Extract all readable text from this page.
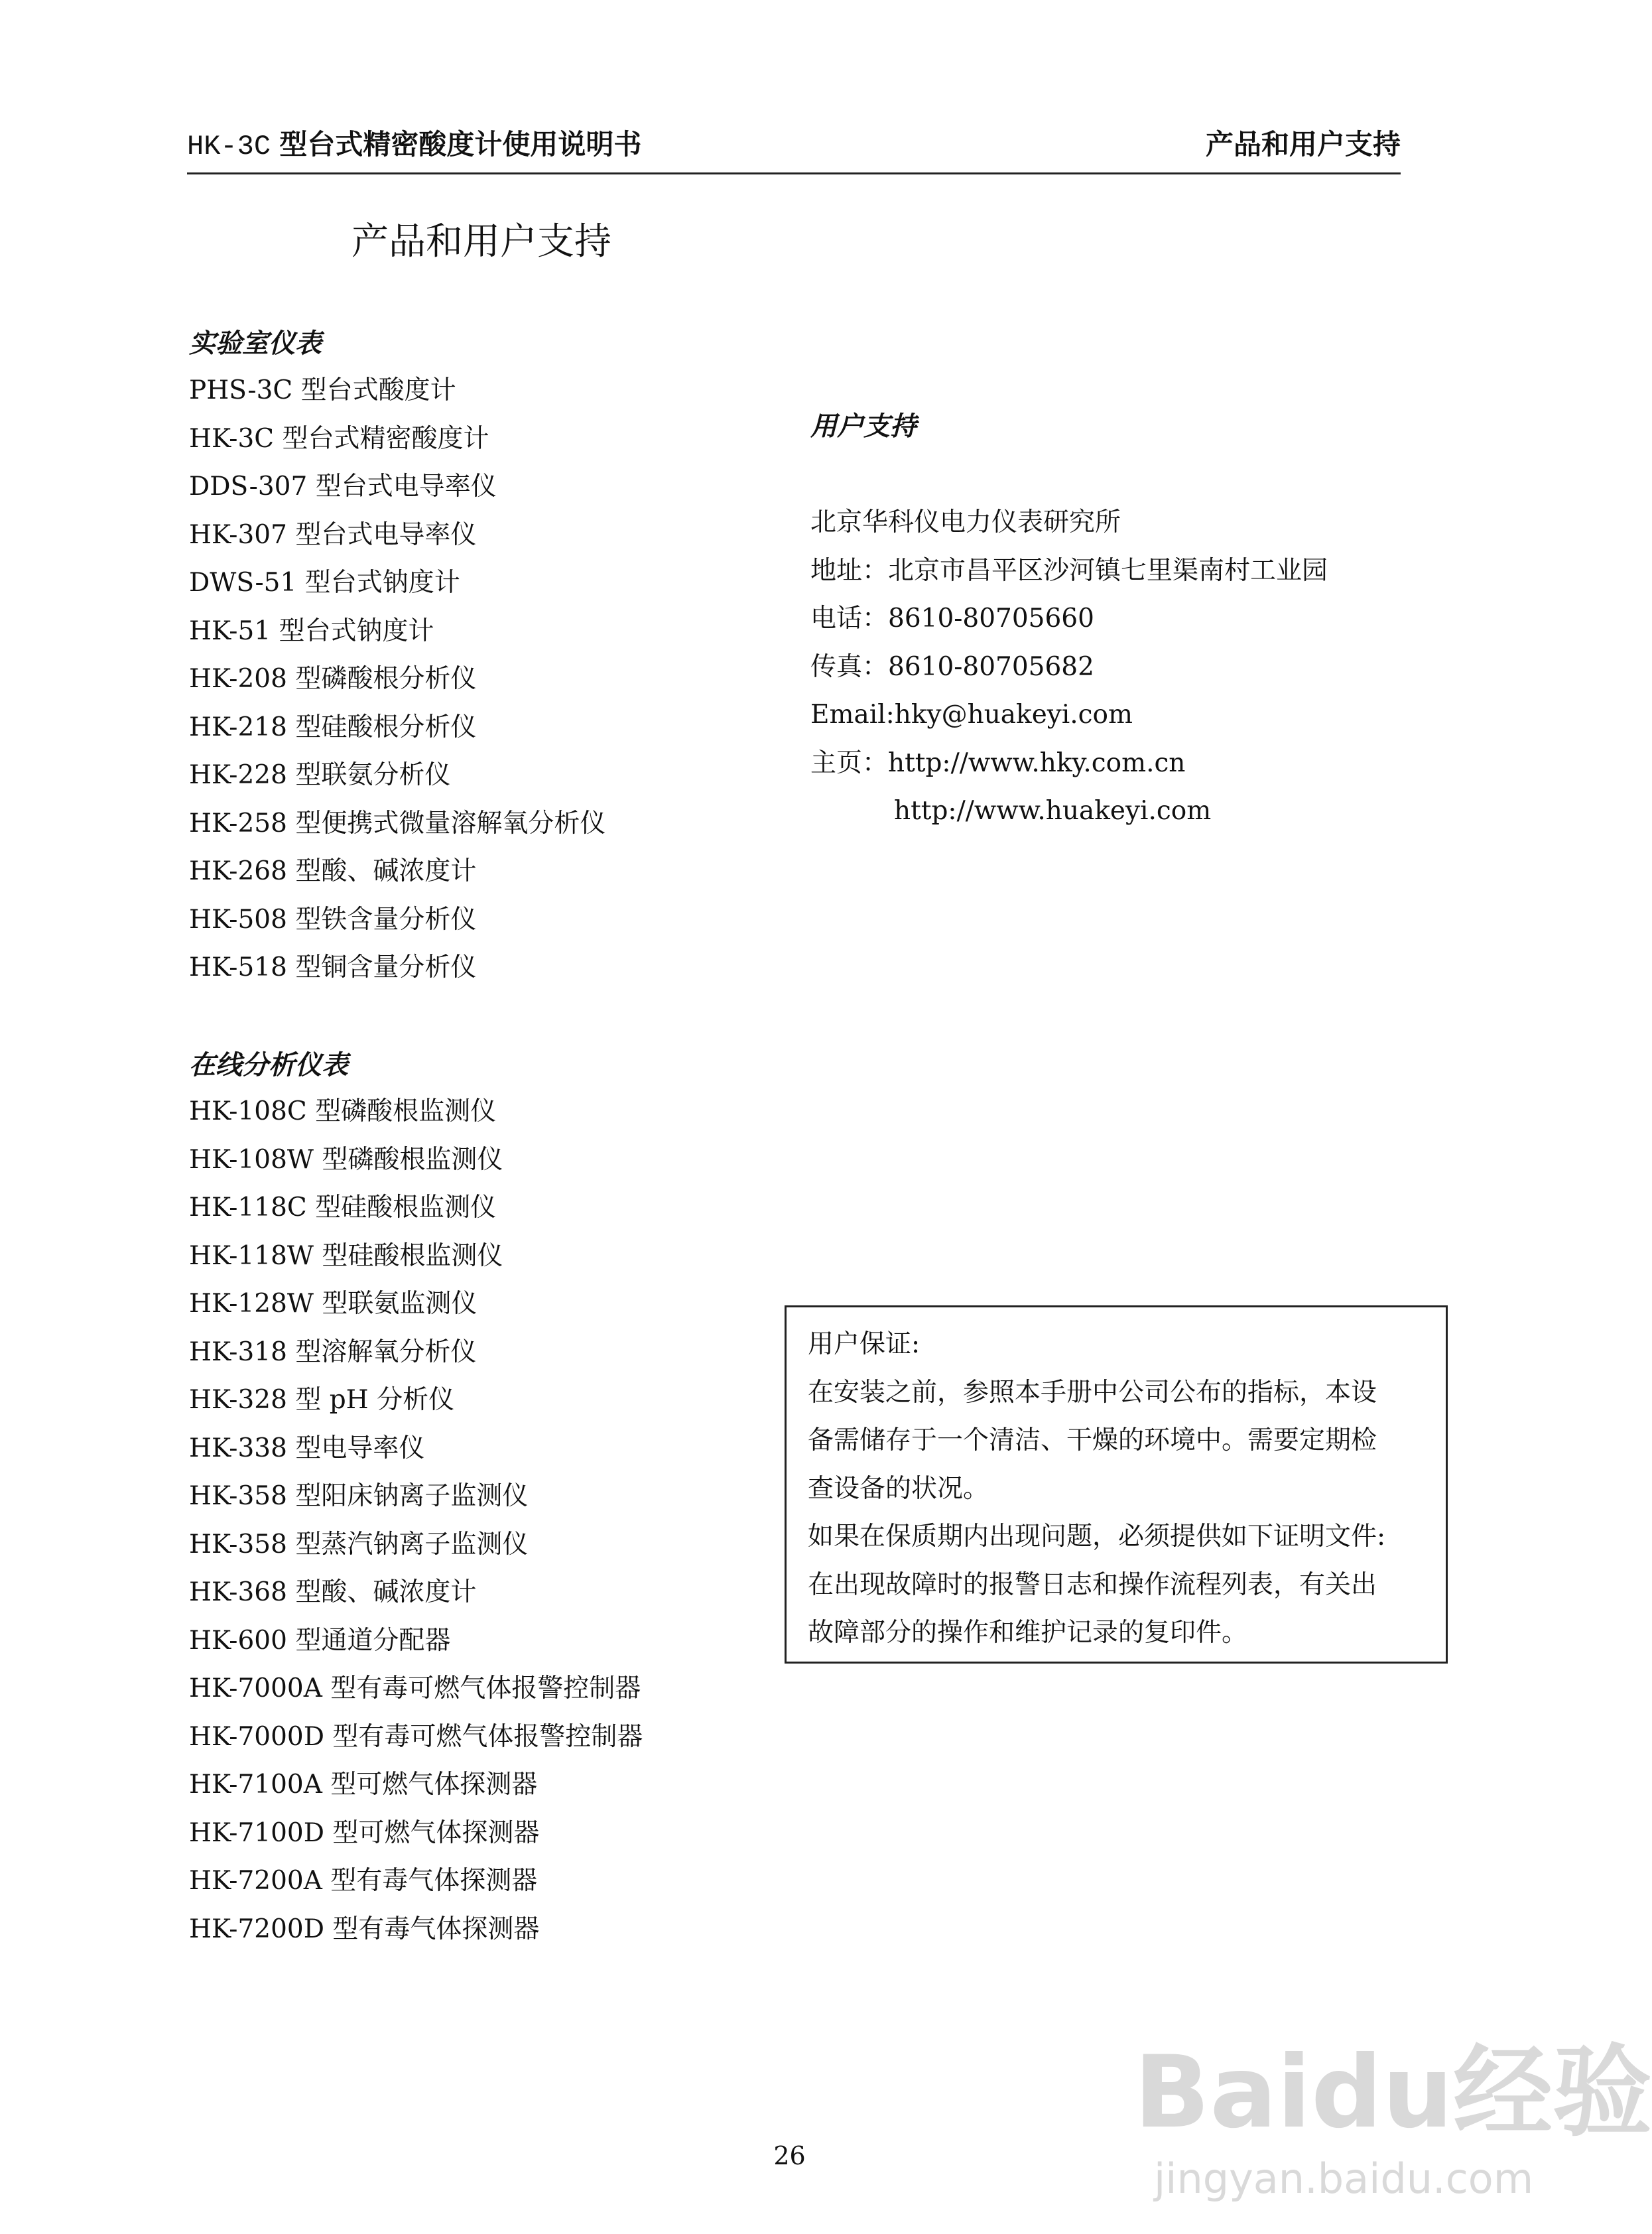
HK-3C 型台式精密酸度计使用说明书	产品和用户支持
产品和用户支持
实验室仪表
PHS-3C 型台式酸度计
HK-3C 型台式精密酸度计
DDS-307 型台式电导率仪
HK-307 型台式电导率仪
DWS-51 型台式钠度计
HK-51 型台式钠度计
HK-208 型磷酸根分析仪
HK-218 型硅酸根分析仪
HK-228 型联氨分析仪
HK-258 型便携式微量溶解氧分析仪
HK-268 型酸、碱浓度计
HK-508 型铁含量分析仪
HK-518 型铜含量分析仪
在线分析仪表
HK-108C 型磷酸根监测仪
HK-108W 型磷酸根监测仪
HK-118C 型硅酸根监测仪
HK-118W 型硅酸根监测仪
HK-128W 型联氨监测仪
HK-318 型溶解氧分析仪
HK-328 型 pH 分析仪
HK-338 型电导率仪
HK-358 型阳床钠离子监测仪
HK-358 型蒸汽钠离子监测仪
HK-368 型酸、碱浓度计
HK-600 型通道分配器
HK-7000A 型有毒可燃气体报警控制器
HK-7000D 型有毒可燃气体报警控制器
HK-7100A 型可燃气体探测器
HK-7100D 型可燃气体探测器
HK-7200A 型有毒气体探测器
HK-7200D 型有毒气体探测器
用户支持
北京华科仪电力仪表研究所
地址：北京市昌平区沙河镇七里渠南村工业园
电话：8610-80705660
传真：8610-80705682
Email:hky@huakeyi.com
主页：http://www.hky.com.cn
http://www.huakeyi.com
用户保证:
在安装之前，参照本手册中公司公布的指标，本设
备需储存于一个清洁、干燥的环境中。需要定期检
查设备的状况。
如果在保质期内出现问题，必须提供如下证明文件:
在出现故障时的报警日志和操作流程列表，有关出
故障部分的操作和维护记录的复印件。
26
Baidu经验
jingyan.baidu.com
